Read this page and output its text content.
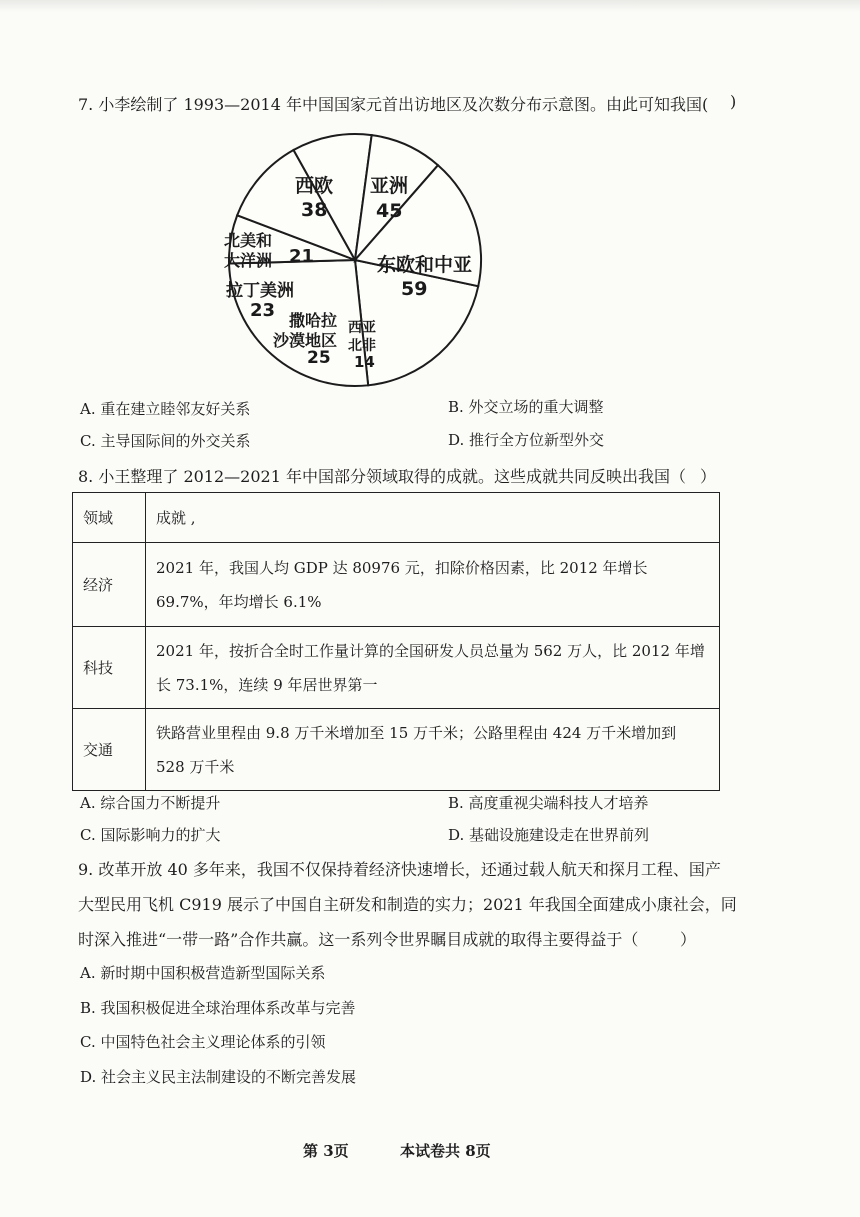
7. 小李绘制了 1993—2014 年中国国家元首出访地区及次数分布示意图。由此可知我国( )
亚洲
45
西欧
38
东欧和中亚
59
北美和
大洋洲 21
拉丁美洲
23 撒哈拉
沙漠地区
25
西亚
北非
14
A. 重在建立睦邻友好关系	B. 外交立场的重大调整
C. 主导国际间的外交关系	D. 推行全方位新型外交
8. 小王整理了 2012—2021 年中国部分领域取得的成就。这些成就共同反映出我国（ ）
领域	成就 ,
经济	2021 年，我国人均 GDP 达 80976 元，扣除价格因素，比 2012 年增长 69.7%，年均增长 6.1%
科技	2021 年，按折合全时工作量计算的全国研发人员总量为 562 万人，比 2012 年增长 73.1%，连续 9 年居世界第一
交通	铁路营业里程由 9.8 万千米增加至 15 万千米；公路里程由 424 万千米增加到 528 万千米
A. 综合国力不断提升	B. 高度重视尖端科技人才培养
C. 国际影响力的扩大	D. 基础设施建设走在世界前列
9. 改革开放 40 多年来，我国不仅保持着经济快速增长，还通过载人航天和探月工程、国产
大型民用飞机 C919 展示了中国自主研发和制造的实力；2021 年我国全面建成小康社会，同
时深入推进“一带一路”合作共赢。这一系列令世界瞩目成就的取得主要得益于（	）
A. 新时期中国积极营造新型国际关系
B. 我国积极促进全球治理体系改革与完善
C. 中国特色社会主义理论体系的引领
D. 社会主义民主法制建设的不断完善发展
第 3页	本试卷共 8页
